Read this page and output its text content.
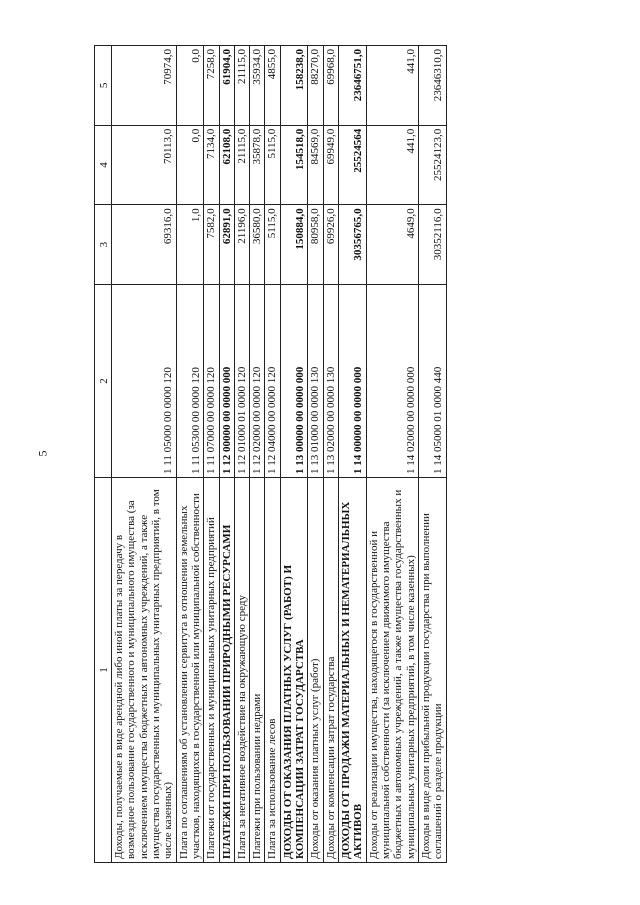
5
1	2	3	4	5
Доходы, получаемые в виде арендной либо иной платы за передачу в возмездное пользование государственного и муниципального имущества (за исключением имущества бюджетных и автономных учреждений, а также имущества государственных и муниципальных унитарных предприятий, в том числе казенных)	1 11 05000 00 0000 120	69316,0	70113,0	70974,0
Плата по соглашениям об установлении сервитута в отношении земельных участков, находящихся в государственной или муниципальной собственности	1 11 05300 00 0000 120	1,0	0,0	0,0
Платежи от государственных и муниципальных унитарных предприятий	1 11 07000 00 0000 120	7582,0	7134,0	7258,0
ПЛАТЕЖИ ПРИ ПОЛЬЗОВАНИИ ПРИРОДНЫМИ РЕСУРСАМИ	1 12 00000 00 0000 000	62891,0	62108,0	61904,0
Плата за негативное воздействие на окружающую среду	1 12 01000 01 0000 120	21196,0	21115,0	21115,0
Платежи при пользовании недрами	1 12 02000 00 0000 120	36580,0	35878,0	35934,0
Плата за использование лесов	1 12 04000 00 0000 120	5115,0	5115,0	4855,0
ДОХОДЫ ОТ ОКАЗАНИЯ ПЛАТНЫХ УСЛУГ (РАБОТ) И КОМПЕНСАЦИИ ЗАТРАТ ГОСУДАРСТВА	1 13 00000 00 0000 000	150884,0	154518,0	158238,0
Доходы от оказания платных услуг (работ)	1 13 01000 00 0000 130	80958,0	84569,0	88270,0
Доходы от компенсации затрат государства	1 13 02000 00 0000 130	69926,0	69949,0	69968,0
ДОХОДЫ ОТ ПРОДАЖИ МАТЕРИАЛЬНЫХ И НЕМАТЕРИАЛЬНЫХ АКТИВОВ	1 14 00000 00 0000 000	30356765,0	25524564	23646751,0
Доходы от реализации имущества, находящегося в государственной и муниципальной собственности (за исключением движимого имущества бюджетных и автономных учреждений, а также имущества государственных и муниципальных унитарных предприятий, в том числе казенных)	1 14 02000 00 0000 000	4649,0	441,0	441,0
Доходы в виде доли прибыльной продукции государства при выполнении соглашений о разделе продукции	1 14 05000 01 0000 440	30352116,0	25524123,0	23646310,0
